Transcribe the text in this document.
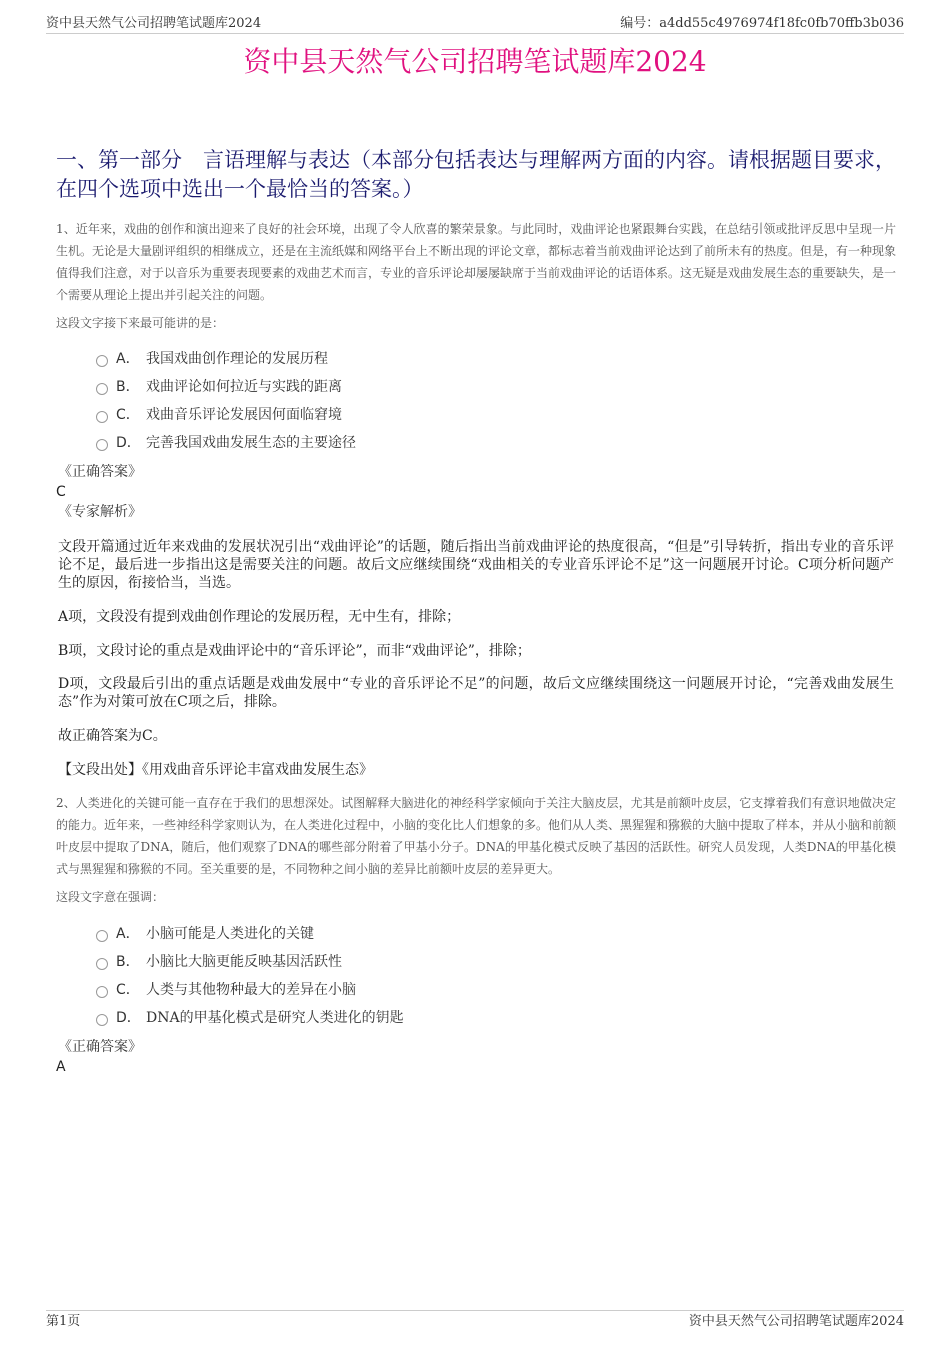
资中县天然气公司招聘笔试题库2024	编号：a4dd55c4976974f18fc0fb70ffb3b036
资中县天然气公司招聘笔试题库2024
一、第一部分　言语理解与表达（本部分包括表达与理解两方面的内容。请根据题目要求，在四个选项中选出一个最恰当的答案。）
1、近年来，戏曲的创作和演出迎来了良好的社会环境，出现了令人欣喜的繁荣景象。与此同时，戏曲评论也紧跟舞台实践，在总结引领或批评反思中呈现一片生机。无论是大量剧评组织的相继成立，还是在主流纸媒和网络平台上不断出现的评论文章，都标志着当前戏曲评论达到了前所未有的热度。但是，有一种现象值得我们注意，对于以音乐为重要表现要素的戏曲艺术而言，专业的音乐评论却屡屡缺席于当前戏曲评论的话语体系。这无疑是戏曲发展生态的重要缺失，是一个需要从理论上提出并引起关注的问题。
这段文字接下来最可能讲的是：
A． 我国戏曲创作理论的发展历程
B． 戏曲评论如何拉近与实践的距离
C． 戏曲音乐评论发展因何面临窘境
D． 完善我国戏曲发展生态的主要途径
《正确答案》
C
《专家解析》
文段开篇通过近年来戏曲的发展状况引出“戏曲评论”的话题，随后指出当前戏曲评论的热度很高，“但是”引导转折，指出专业的音乐评论不足，最后进一步指出这是需要关注的问题。故后文应继续围绕“戏曲相关的专业音乐评论不足”这一问题展开讨论。C项分析问题产生的原因，衔接恰当，当选。
A项，文段没有提到戏曲创作理论的发展历程，无中生有，排除；
B项，文段讨论的重点是戏曲评论中的“音乐评论”，而非“戏曲评论”，排除；
D项，文段最后引出的重点话题是戏曲发展中“专业的音乐评论不足”的问题，故后文应继续围绕这一问题展开讨论，“完善戏曲发展生态”作为对策可放在C项之后，排除。
故正确答案为C。
【文段出处】《用戏曲音乐评论丰富戏曲发展生态》
2、人类进化的关键可能一直存在于我们的思想深处。试图解释大脑进化的神经科学家倾向于关注大脑皮层，尤其是前额叶皮层，它支撑着我们有意识地做决定的能力。近年来，一些神经科学家则认为，在人类进化过程中，小脑的变化比人们想象的多。他们从人类、黑猩猩和猕猴的大脑中提取了样本，并从小脑和前额叶皮层中提取了DNA，随后，他们观察了DNA的哪些部分附着了甲基小分子。DNA的甲基化模式反映了基因的活跃性。研究人员发现，人类DNA的甲基化模式与黑猩猩和猕猴的不同。至关重要的是，不同物种之间小脑的差异比前额叶皮层的差异更大。
这段文字意在强调：
A． 小脑可能是人类进化的关键
B． 小脑比大脑更能反映基因活跃性
C． 人类与其他物种最大的差异在小脑
D． DNA的甲基化模式是研究人类进化的钥匙
《正确答案》
A
第1页	资中县天然气公司招聘笔试题库2024
